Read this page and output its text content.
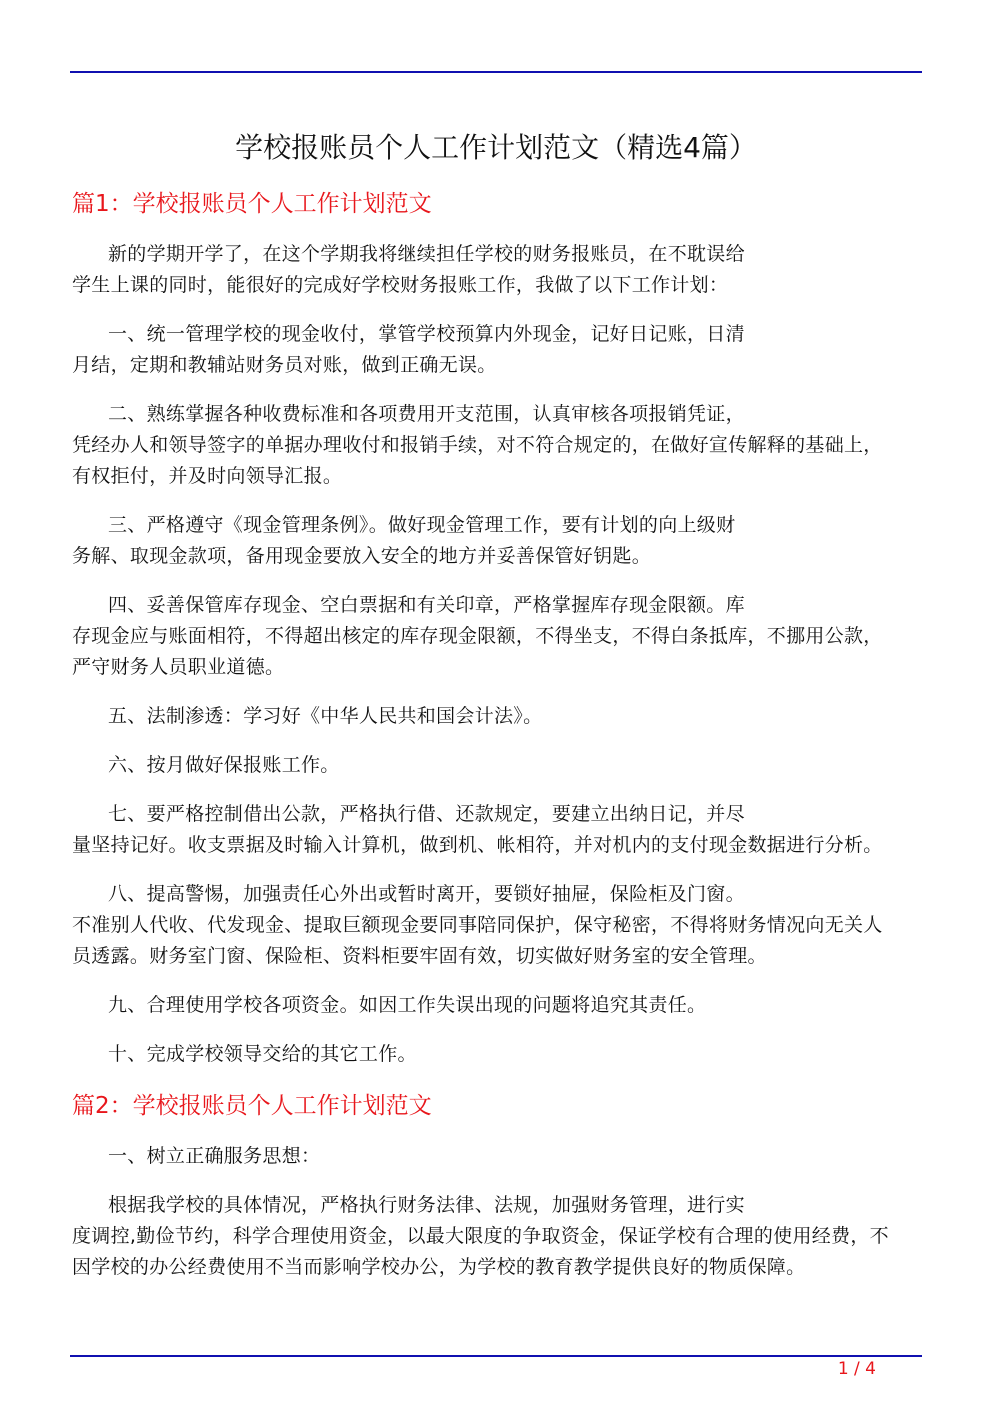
学校报账员个人工作计划范文（精选4篇）
篇1：学校报账员个人工作计划范文
新的学期开学了，在这个学期我将继续担任学校的财务报账员，在不耽误给
学生上课的同时，能很好的完成好学校财务报账工作，我做了以下工作计划：
一、统一管理学校的现金收付，掌管学校预算内外现金，记好日记账，日清
月结，定期和教辅站财务员对账，做到正确无误。
二、熟练掌握各种收费标准和各项费用开支范围，认真审核各项报销凭证，
凭经办人和领导签字的单据办理收付和报销手续，对不符合规定的，在做好宣传解释的基础上，
有权拒付，并及时向领导汇报。
三、严格遵守《现金管理条例》。做好现金管理工作，要有计划的向上级财
务解、取现金款项，备用现金要放入安全的地方并妥善保管好钥匙。
四、妥善保管库存现金、空白票据和有关印章，严格掌握库存现金限额。库
存现金应与账面相符，不得超出核定的库存现金限额，不得坐支，不得白条抵库，不挪用公款，
严守财务人员职业道德。
五、法制渗透：学习好《中华人民共和国会计法》。
六、按月做好保报账工作。
七、要严格控制借出公款，严格执行借、还款规定，要建立出纳日记，并尽
量坚持记好。收支票据及时输入计算机，做到机、帐相符，并对机内的支付现金数据进行分析。
八、提高警惕，加强责任心外出或暂时离开，要锁好抽屉，保险柜及门窗。
不准别人代收、代发现金、提取巨额现金要同事陪同保护，保守秘密，不得将财务情况向无关人
员透露。财务室门窗、保险柜、资料柜要牢固有效，切实做好财务室的安全管理。
九、合理使用学校各项资金。如因工作失误出现的问题将追究其责任。
十、完成学校领导交给的其它工作。
篇2：学校报账员个人工作计划范文
一、树立正确服务思想：
根据我学校的具体情况，严格执行财务法律、法规，加强财务管理，进行实
度调控,勤俭节约，科学合理使用资金，以最大限度的争取资金，保证学校有合理的使用经费，不
因学校的办公经费使用不当而影响学校办公，为学校的教育教学提供良好的物质保障。
1 / 4
